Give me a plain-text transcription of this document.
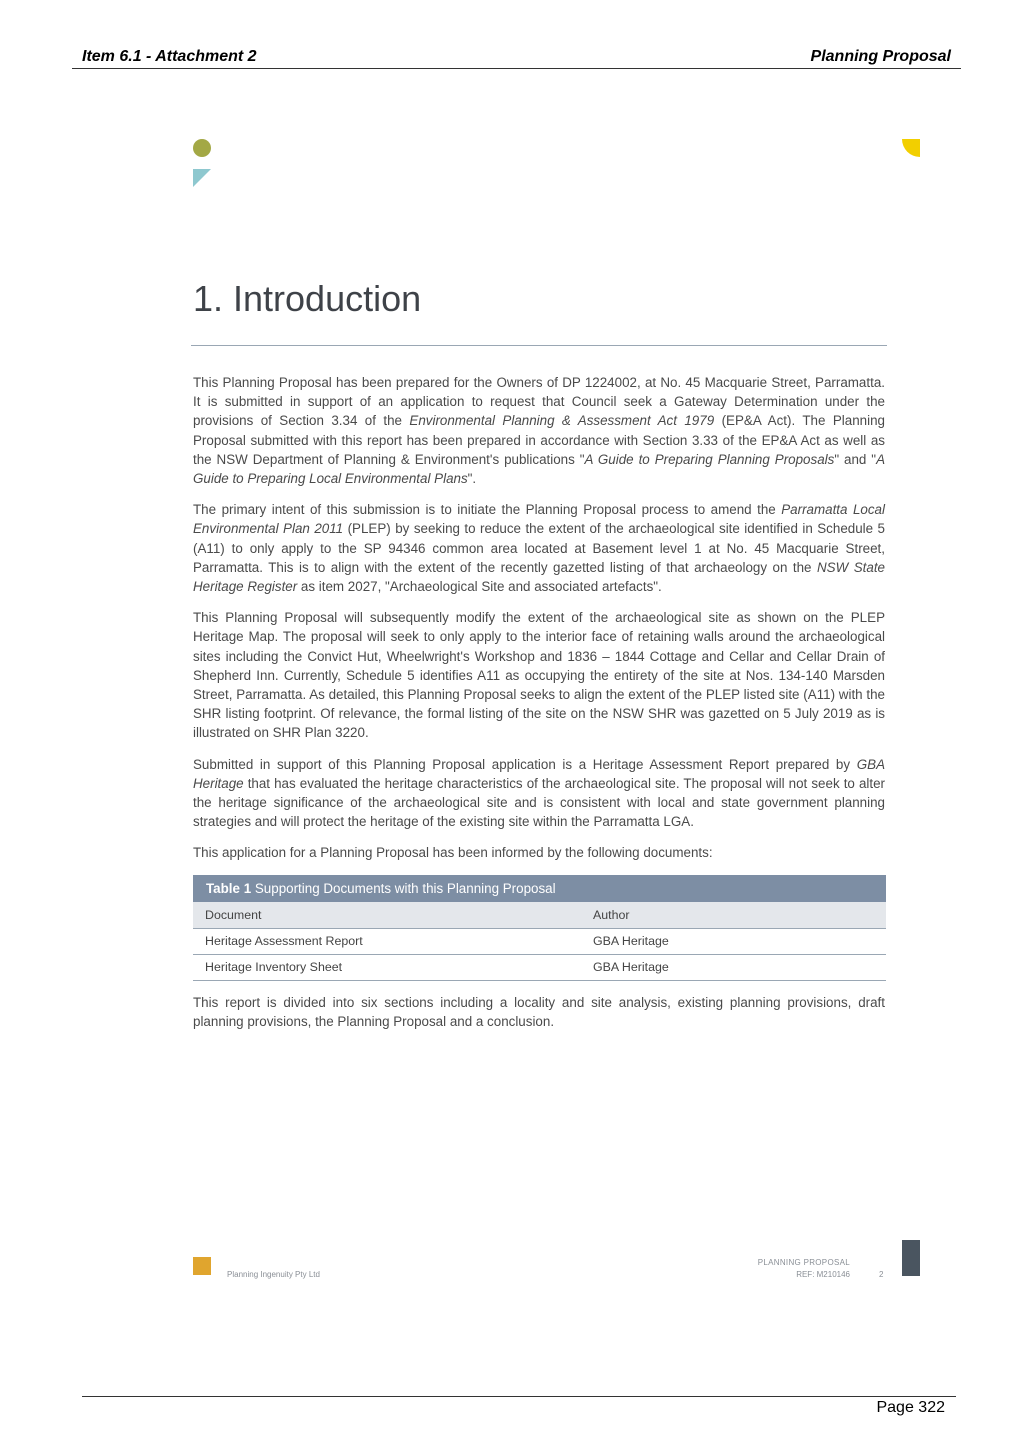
Item 6.1 - Attachment 2	Planning Proposal
1. Introduction

This Planning Proposal has been prepared for the Owners of DP 1224002, at No. 45 Macquarie Street, Parramatta. It is submitted in support of an application to request that Council seek a Gateway Determination under the provisions of Section 3.34 of the Environmental Planning & Assessment Act 1979 (EP&A Act). The Planning Proposal submitted with this report has been prepared in accordance with Section 3.33 of the EP&A Act as well as the NSW Department of Planning & Environment's publications "A Guide to Preparing Planning Proposals" and "A Guide to Preparing Local Environmental Plans".

The primary intent of this submission is to initiate the Planning Proposal process to amend the Parramatta Local Environmental Plan 2011 (PLEP) by seeking to reduce the extent of the archaeological site identified in Schedule 5 (A11) to only apply to the SP 94346 common area located at Basement level 1 at No. 45 Macquarie Street, Parramatta. This is to align with the extent of the recently gazetted listing of that archaeology on the NSW State Heritage Register as item 2027, "Archaeological Site and associated artefacts".

This Planning Proposal will subsequently modify the extent of the archaeological site as shown on the PLEP Heritage Map. The proposal will seek to only apply to the interior face of retaining walls around the archaeological sites including the Convict Hut, Wheelwright's Workshop and 1836 – 1844 Cottage and Cellar and Cellar Drain of Shepherd Inn. Currently, Schedule 5 identifies A11 as occupying the entirety of the site at Nos. 134-140 Marsden Street, Parramatta. As detailed, this Planning Proposal seeks to align the extent of the PLEP listed site (A11) with the SHR listing footprint. Of relevance, the formal listing of the site on the NSW SHR was gazetted on 5 July 2019 as is illustrated on SHR Plan 3220.

Submitted in support of this Planning Proposal application is a Heritage Assessment Report prepared by GBA Heritage that has evaluated the heritage characteristics of the archaeological site. The proposal will not seek to alter the heritage significance of the archaeological site and is consistent with local and state government planning strategies and will protect the heritage of the existing site within the Parramatta LGA.

This application for a Planning Proposal has been informed by the following documents:

Table 1 Supporting Documents with this Planning Proposal
Document	Author
Heritage Assessment Report	GBA Heritage
Heritage Inventory Sheet	GBA Heritage

This report is divided into six sections including a locality and site analysis, existing planning provisions, draft planning provisions, the Planning Proposal and a conclusion.

Planning Ingenuity Pty Ltd
PLANNING PROPOSAL
REF: M210146	2
Page 322
